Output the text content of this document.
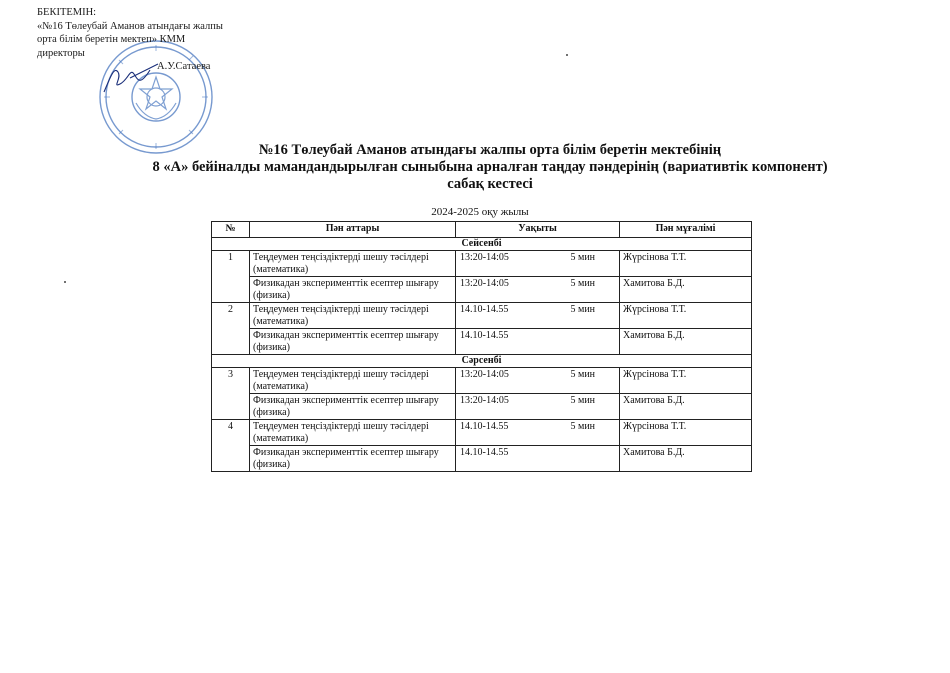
БЕКІТЕМІН:
«№16 Төлеубай Аманов атындағы жалпы
орта білім беретін мектеп» КММ
директоры
А.У.Сатаева
№16 Төлеубай Аманов атындағы жалпы орта білім беретін мектебінің
8 «А» бейіналды мамандандырылған сыныбына арналған таңдау пәндерінің (вариативтік компонент)
сабақ кестесі
2024-2025 оқу жылы
№	Пән аттары	Уақыты		Пән мұғалімі
Сейсенбі				
1	Теңдеумен теңсіздіктерді шешу тәсілдері (математика)	13:20-14:05	5 мин	Жүрсінова Т.Т.
	Физикадан эксперименттік есептер шығару (физика)	13:20-14:05	5 мин	Хамитова Б.Д.
2	Теңдеумен теңсіздіктерді шешу тәсілдері (математика)	14.10-14.55	5 мин	Жүрсінова Т.Т.
	Физикадан эксперименттік есептер шығару (физика)	14.10-14.55		Хамитова Б.Д.
Сәрсенбі				
3	Теңдеумен теңсіздіктерді шешу тәсілдері (математика)	13:20-14:05	5 мин	Жүрсінова Т.Т.
	Физикадан эксперименттік есептер шығару (физика)	13:20-14:05	5 мин	Хамитова Б.Д.
4	Теңдеумен теңсіздіктерді шешу тәсілдері (математика)	14.10-14.55	5 мин	Жүрсінова Т.Т.
	Физикадан эксперименттік есептер шығару (физика)	14.10-14.55		Хамитова Б.Д.
